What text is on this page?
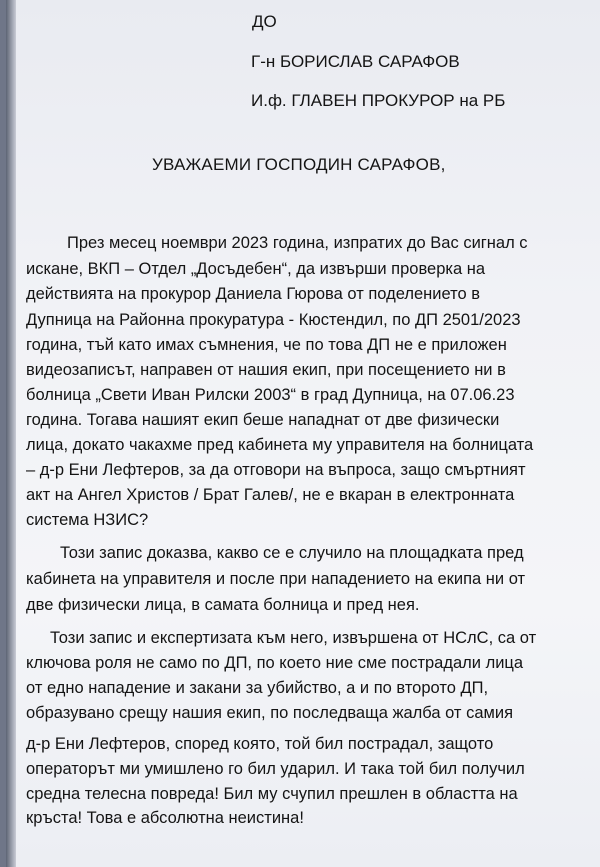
ДО
Г-н БОРИСЛАВ САРАФОВ
И.ф. ГЛАВЕН ПРОКУРОР на РБ
УВАЖАЕМИ ГОСПОДИН САРАФОВ,
През месец ноември 2023 година, изпратих до Вас сигнал с
искане, ВКП – Отдел „Досъдебен“, да извърши проверка на
действията на прокурор Даниела Гюрова от поделението в
Дупница на Районна прокуратура - Кюстендил, по ДП 2501/2023
година, тъй като имах съмнения, че по това ДП не е приложен
видеозаписът, направен от нашия екип, при посещението ни в
болница „Свети Иван Рилски 2003“ в град Дупница, на 07.06.23
година. Тогава нашият екип беше нападнат от две физически
лица, докато чакахме пред кабинета му управителя на болницата
– д-р Ени Лефтеров, за да отговори на въпроса, защо смъртният
акт на Ангел Христов / Брат Галев/, не е вкаран в електронната
система НЗИС?
Този запис доказва, какво се е случило на площадката пред
кабинета на управителя и после при нападението на екипа ни от
две физически лица, в самата болница и пред нея.
Този запис и експертизата към него, извършена от НСлС, са от
ключова роля не само по ДП, по което ние сме пострадали лица
от едно нападение и закани за убийство, а и по второто ДП,
образувано срещу нашия екип, по последваща жалба от самия
д-р Ени Лефтеров, според която, той бил пострадал, защото
операторът ми умишлено го бил ударил. И така той бил получил
средна телесна повреда! Бил му счупил прешлен в областта на
кръста! Това е абсолютна неистина!
